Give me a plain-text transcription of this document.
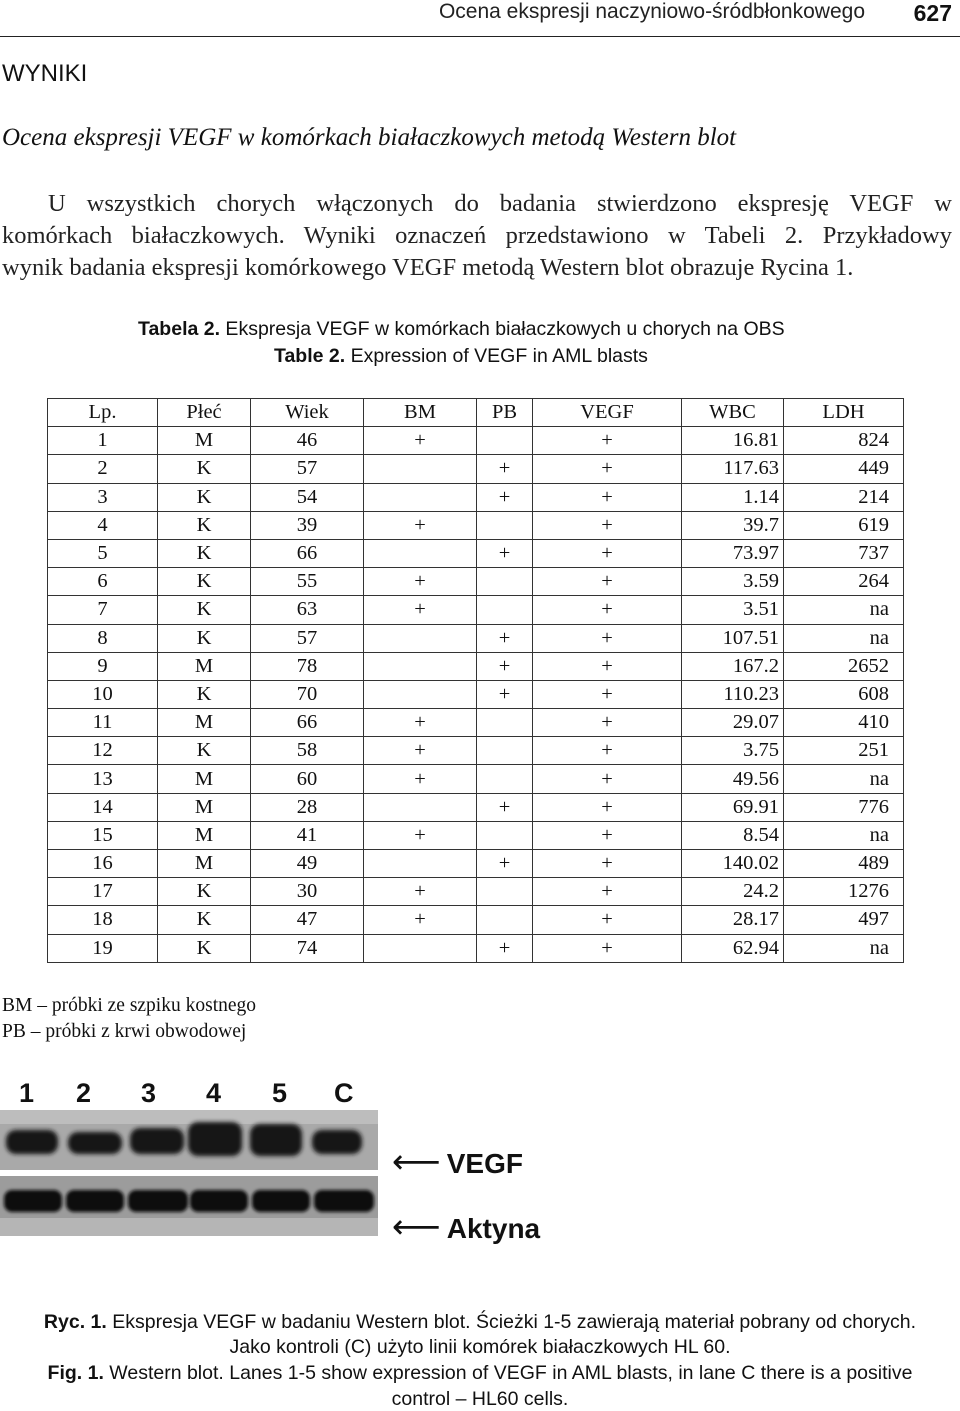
Ocena ekspresji naczyniowo-śródbłonkowego 627
WYNIKI
Ocena ekspresji VEGF w komórkach białaczkowych metodą Western blot
U wszystkich chorych włączonych do badania stwierdzono ekspresję VEGF w
komórkach białaczkowych. Wyniki oznaczeń przedstawiono w Tabeli 2. Przykładowy
wynik badania ekspresji komórkowego VEGF metodą Western blot obrazuje Rycina 1.
Tabela 2. Ekspresja VEGF w komórkach białaczkowych u chorych na OBS
Table 2. Expression of VEGF in AML blasts
Lp.	Płeć	Wiek	BM	PB	VEGF	WBC	LDH
1	M	46	+		+	16.81	824
2	K	57		+	+	117.63	449
3	K	54		+	+	1.14	214
4	K	39	+		+	39.7	619
5	K	66		+	+	73.97	737
6	K	55	+		+	3.59	264
7	K	63	+		+	3.51	na
8	K	57		+	+	107.51	na
9	M	78		+	+	167.2	2652
10	K	70		+	+	110.23	608
11	M	66	+		+	29.07	410
12	K	58	+		+	3.75	251
13	M	60	+		+	49.56	na
14	M	28		+	+	69.91	776
15	M	41	+		+	8.54	na
16	M	49		+	+	140.02	489
17	K	30	+		+	24.2	1276
18	K	47	+		+	28.17	497
19	K	74		+	+	62.94	na
BM – próbki ze szpiku kostnego
PB – próbki z krwi obwodowej
1 2 3 4 5 C
⟵ VEGF
⟵ Aktyna
Ryc. 1. Ekspresja VEGF w badaniu Western blot. Ścieżki 1-5 zawierają materiał pobrany od chorych.
Jako kontroli (C) użyto linii komórek białaczkowych HL 60.
Fig. 1. Western blot. Lanes 1-5 show expression of VEGF in AML blasts, in lane C there is a positive
control – HL60 cells.
